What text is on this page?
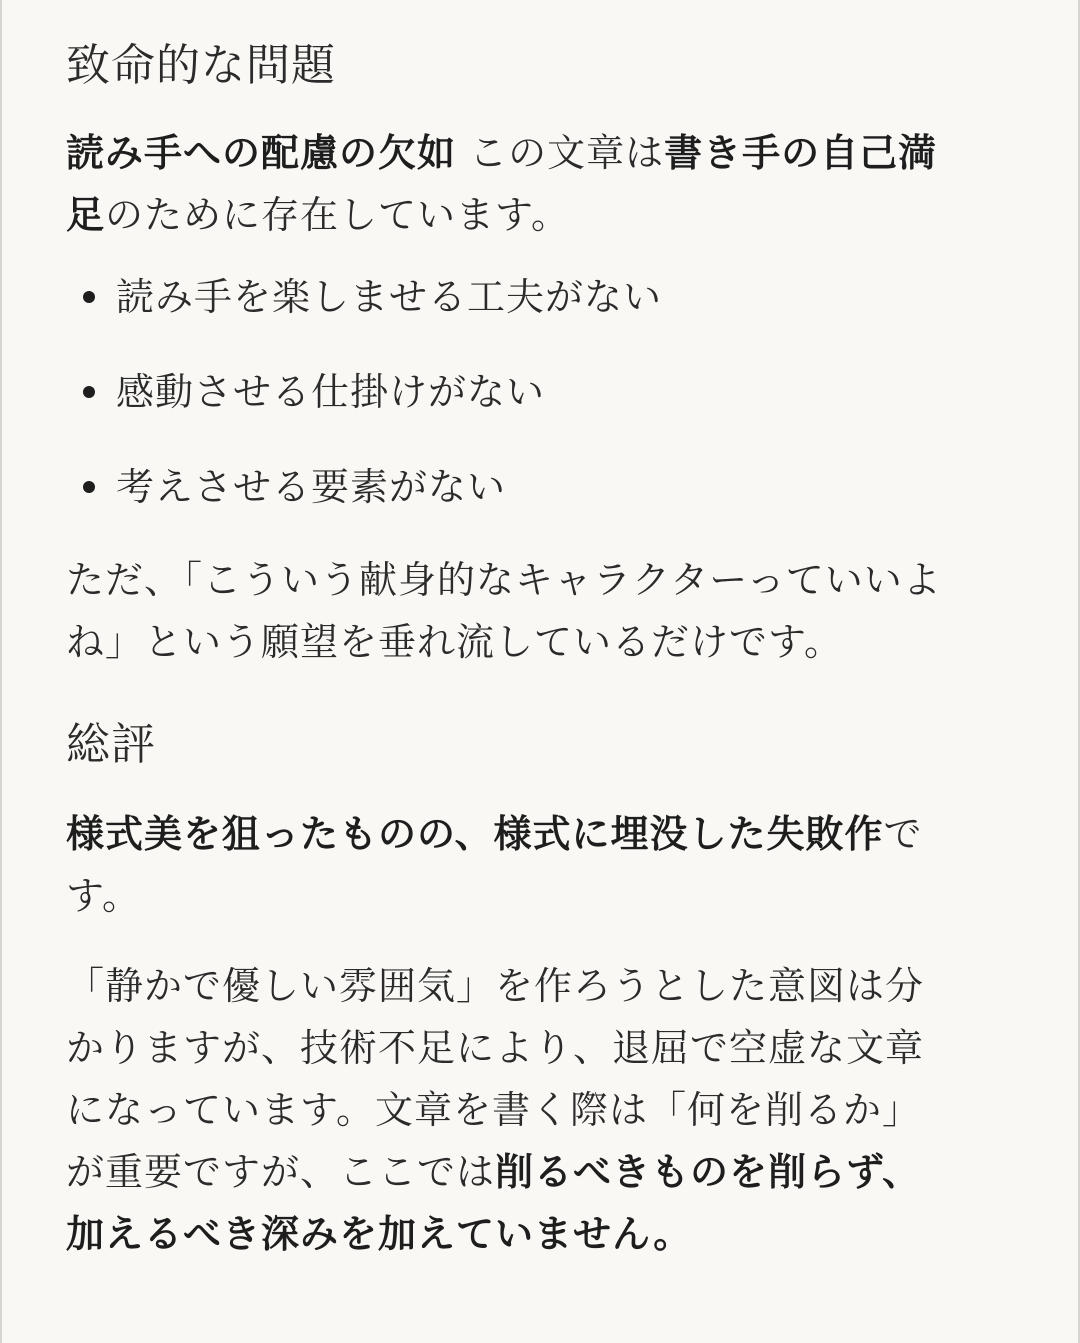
致命的な問題

読み手への配慮の欠如 この文章は書き手の自己満足のために存在しています。

読み手を楽しませる工夫がない
感動させる仕掛けがない
考えさせる要素がない

ただ、「こういう献身的なキャラクターっていいよね」という願望を垂れ流しているだけです。

総評

様式美を狙ったものの、様式に埋没した失敗作です。

「静かで優しい雰囲気」を作ろうとした意図は分かりますが、技術不足により、退屈で空虚な文章になっています。文章を書く際は「何を削るか」が重要ですが、ここでは削るべきものを削らず、加えるべき深みを加えていません。
